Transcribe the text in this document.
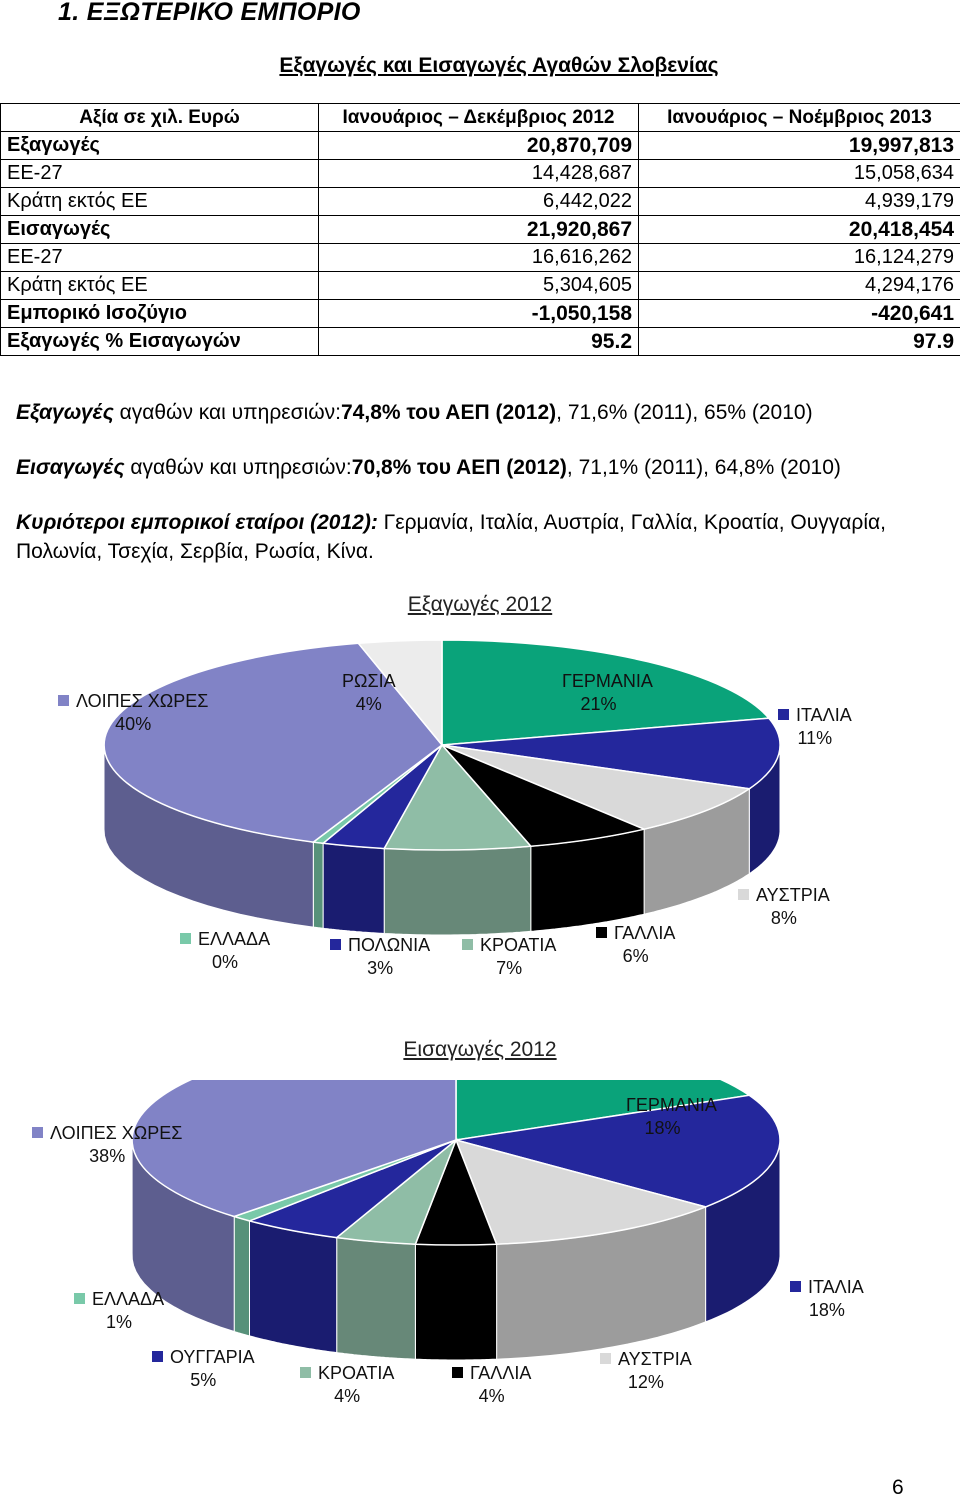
1. ΕΞΩΤΕΡΙΚΟ ΕΜΠΟΡΙΟ
Εξαγωγές και Εισαγωγές Αγαθών Σλοβενίας
Αξία σε χιλ. Ευρώ	Ιανουάριος – Δεκέμβριος 2012	Ιανουάριος – Νοέμβριος 2013
Εξαγωγές	20,870,709	19,997,813
ΕΕ-27	14,428,687	15,058,634
Κράτη εκτός ΕΕ	6,442,022	4,939,179
Εισαγωγές	21,920,867	20,418,454
ΕΕ-27	16,616,262	16,124,279
Κράτη εκτός ΕΕ	5,304,605	4,294,176
Εμπορικό Ισοζύγιο	-1,050,158	-420,641
Εξαγωγές % Εισαγωγών	95.2	97.9
Εξαγωγές αγαθών και υπηρεσιών:74,8% του ΑΕΠ (2012), 71,6% (2011), 65% (2010)
Εισαγωγές αγαθών και υπηρεσιών:70,8% του ΑΕΠ (2012), 71,1% (2011), 64,8% (2010)
Κυριότεροι εμπορικοί εταίροι (2012): Γερμανία, Ιταλία, Αυστρία, Γαλλία, Κροατία, Ουγγαρία, Πολωνία, Τσεχία, Σερβία, Ρωσία, Κίνα.
Εξαγωγές 2012
ΓΕΡΜΑΝΙΑ
21%
ΙΤΑΛΙΑ
11%
ΑΥΣΤΡΙΑ
8%
ΓΑΛΛΙΑ
6%
ΚΡΟΑΤΙΑ
7%
ΠΟΛΩΝΙΑ
3%
ΕΛΛΑΔΑ
0%
ΛΟΙΠΕΣ ΧΩΡΕΣ
40%
ΡΩΣΙΑ
4%
Εισαγωγές 2012
ΓΕΡΜΑΝΙΑ
18%
ΙΤΑΛΙΑ
18%
ΑΥΣΤΡΙΑ
12%
ΓΑΛΛΙΑ
4%
ΚΡΟΑΤΙΑ
4%
ΟΥΓΓΑΡΙΑ
5%
ΕΛΛΑΔΑ
1%
ΛΟΙΠΕΣ ΧΩΡΕΣ
38%
6
